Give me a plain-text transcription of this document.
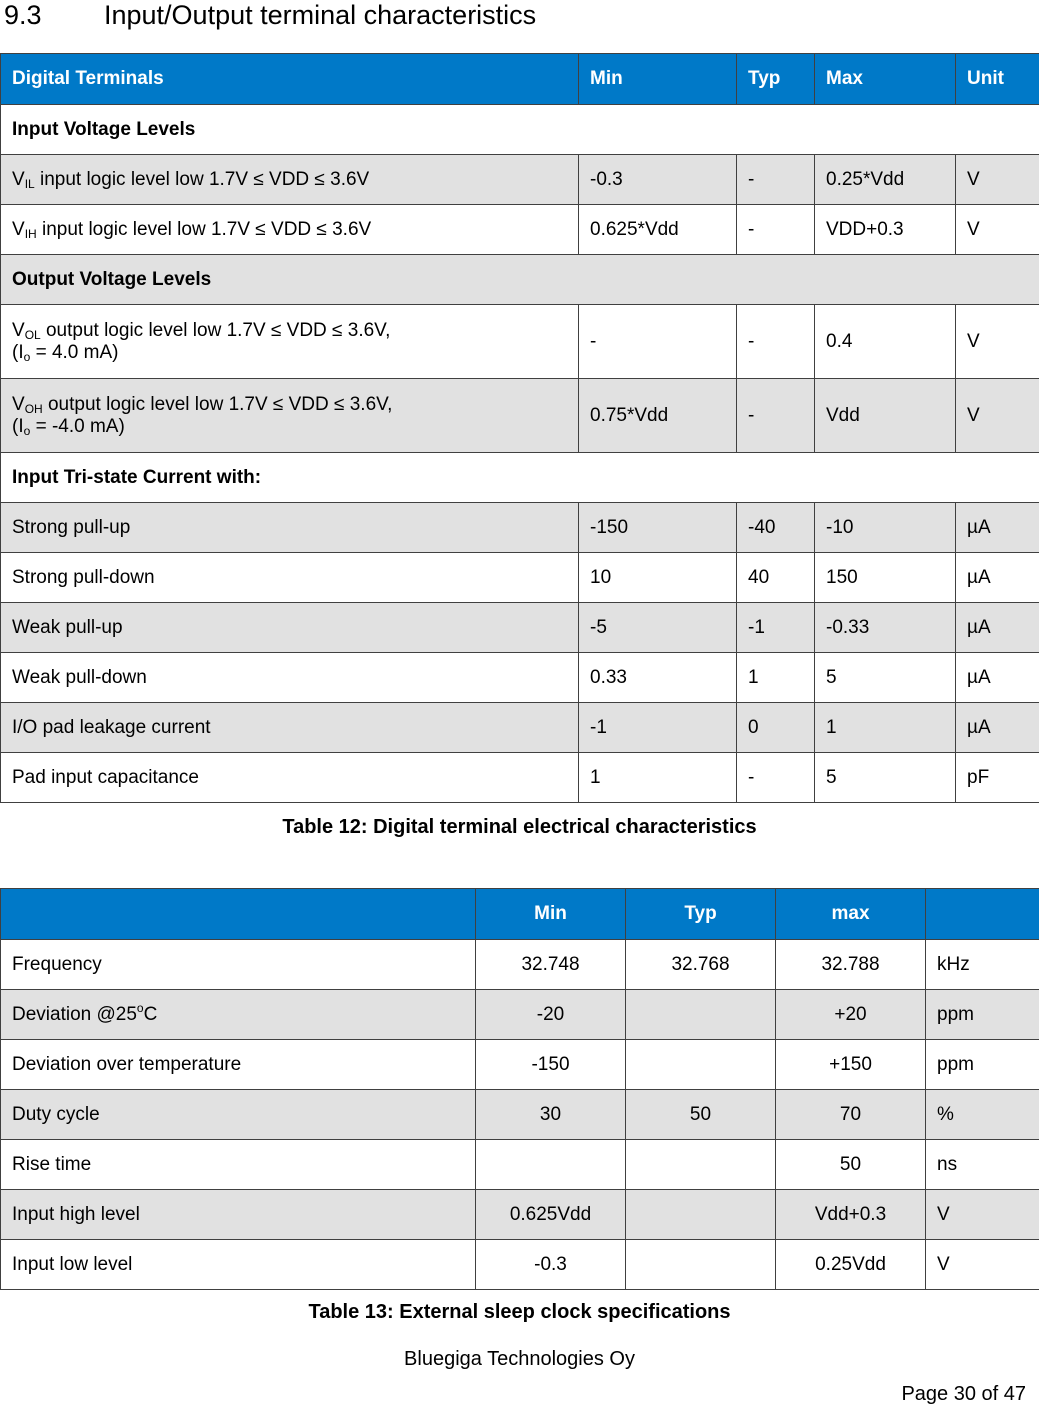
9.3 Input/Output terminal characteristics
Digital Terminals	Min	Typ	Max	Unit
Input Voltage Levels				
$V_{IL}$ input logic level low 1.7V ≤ VDD ≤ 3.6V	-0.3	-	0.25*Vdd	V
$V_{IH}$ input logic level low 1.7V ≤ VDD ≤ 3.6V	0.625*Vdd	-	VDD+0.3	V
Output Voltage Levels				
$V_{OL}$ output logic level low 1.7V ≤ VDD ≤ 3.6V,
($I_o = 4.0$ mA)	-	-	0.4	V
$V_{OH}$ output logic level low 1.7V ≤ VDD ≤ 3.6V,
($I_o = -4.0$ mA)	0.75*Vdd	-	Vdd	V
Input Tri-state Current with:				
Strong pull-up	-150	-40	-10	µA
Strong pull-down	10	40	150	µA
Weak pull-up	-5	-1	-0.33	µA
Weak pull-down	0.33	1	5	µA
I/O pad leakage current	-1	0	1	µA
Pad input capacitance	1	-	5	pF
Table 12: Digital terminal electrical characteristics
	Min	Typ	max	
Frequency	32.748	32.768	32.788	kHz
Deviation @25$^o$C	-20		+20	ppm
Deviation over temperature	-150		+150	ppm
Duty cycle	30	50	70	%
Rise time			50	ns
Input high level	0.625Vdd		Vdd+0.3	V
Input low level	-0.3		0.25Vdd	V
Table 13: External sleep clock specifications
Bluegiga Technologies Oy
Page 30 of 47
